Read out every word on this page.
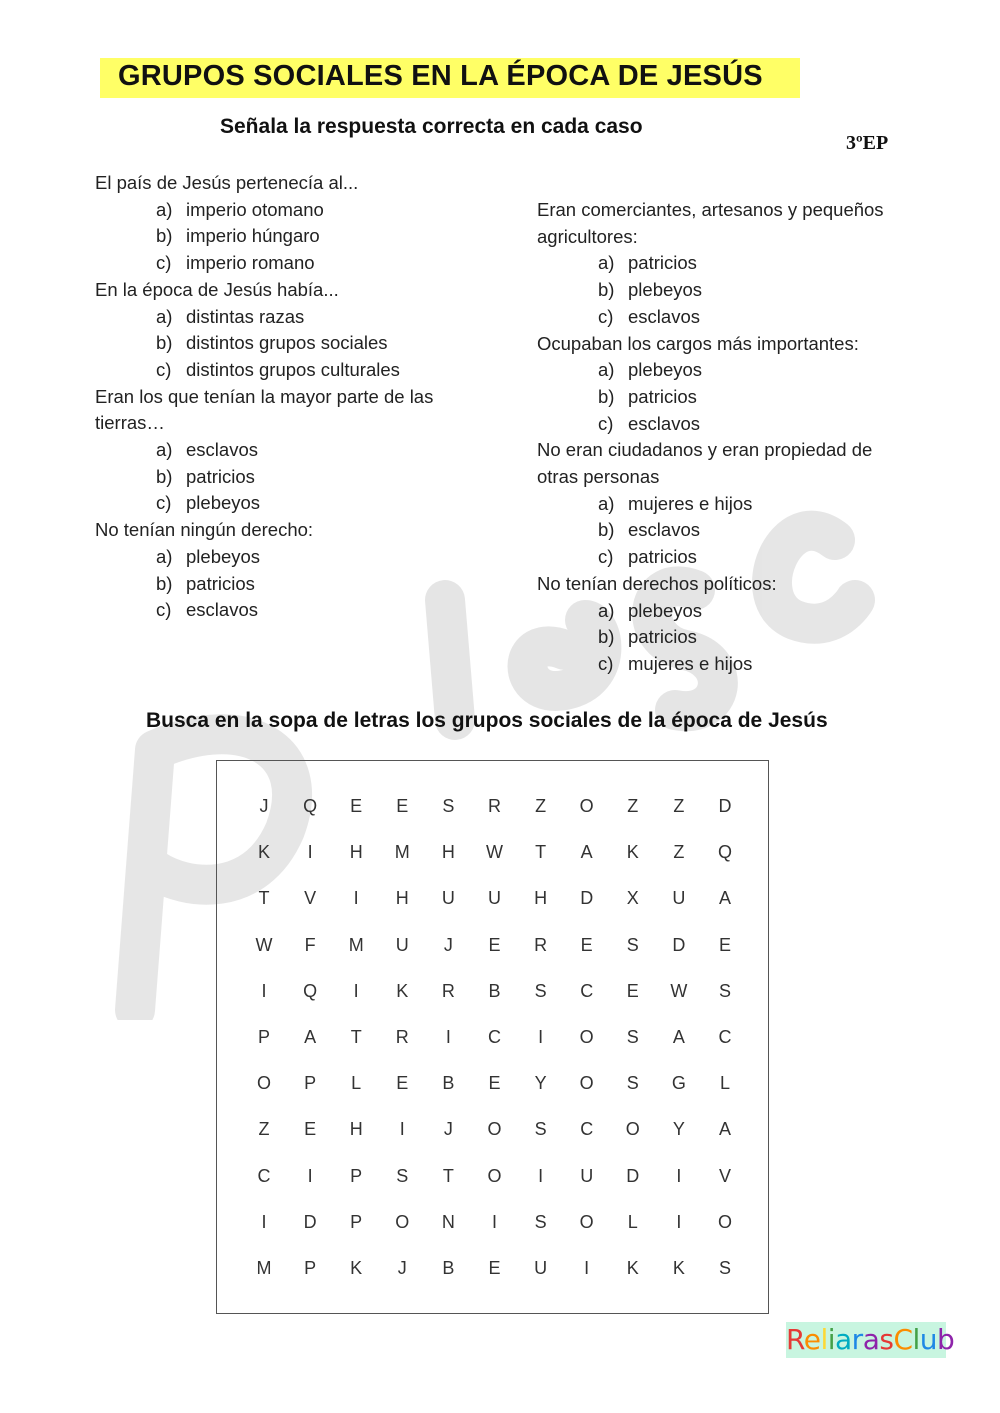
GRUPOS SOCIALES EN LA ÉPOCA DE JESÚS
Señala la respuesta correcta en cada caso
3ºEP

El país de Jesús pertenecía al...

a) imperio otomano
b) imperio húngaro
c) imperio romano

En la época de Jesús había...

a) distintas razas
b) distintos grupos sociales
c) distintos grupos culturales

Eran los que tenían la mayor parte de las tierras…

a) esclavos
b) patricios
c) plebeyos

No tenían ningún derecho:

a) plebeyos
b) patricios
c) esclavos

Eran comerciantes, artesanos y pequeños agricultores:

a) patricios
b) plebeyos
c) esclavos

Ocupaban los cargos más importantes:

a) plebeyos
b) patricios
c) esclavos

No eran ciudadanos y eran propiedad de otras personas

a) mujeres e hijos
b) esclavos
c) patricios

No tenían derechos políticos:

a) plebeyos
b) patricios
c) mujeres e hijos
Busca en la sopa de letras los grupos sociales de la época de Jesús
J	Q	E	E	S	R	Z	O	Z	Z	D
K	I	H	M	H	W	T	A	K	Z	Q
T	V	I	H	U	U	H	D	X	U	A
W	F	M	U	J	E	R	E	S	D	E
I	Q	I	K	R	B	S	C	E	W	S
P	A	T	R	I	C	I	O	S	A	C
O	P	L	E	B	E	Y	O	S	G	L
Z	E	H	I	J	O	S	C	O	Y	A
C	I	P	S	T	O	I	U	D	I	V
I	D	P	O	N	I	S	O	L	I	O
M	P	K	J	B	E	U	I	K	K	S
ReliarasClub
